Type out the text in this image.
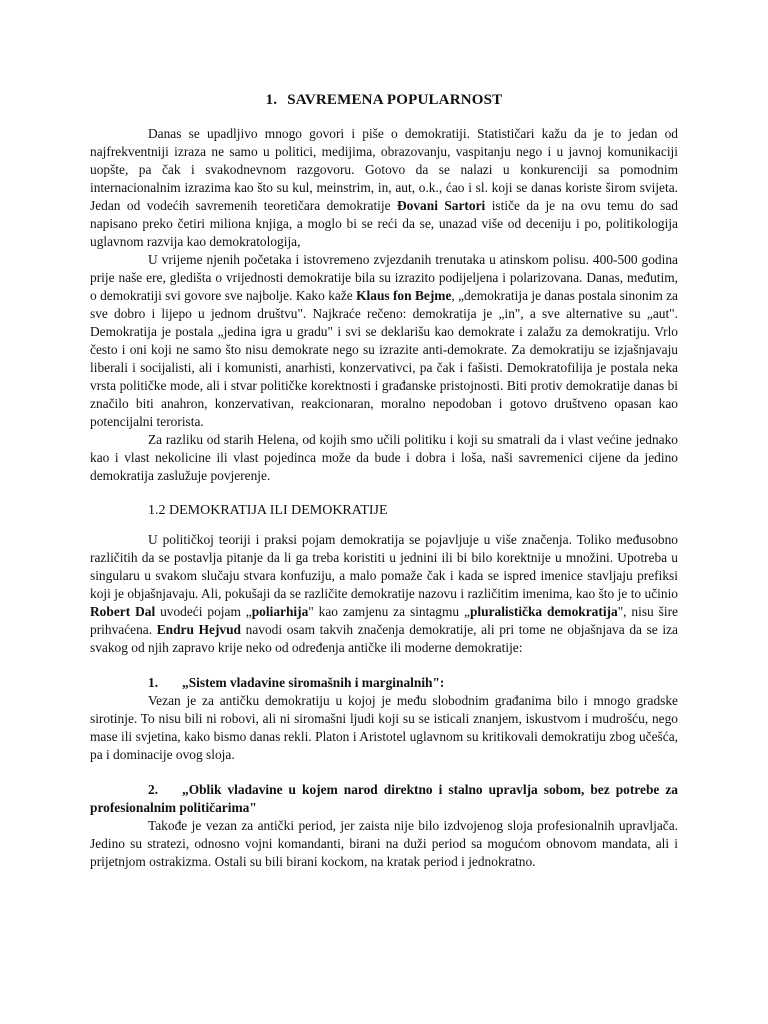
1. SAVREMENA POPULARNOST

Danas se upadljivo mnogo govori i piše o demokratiji. Statističari kažu da je to jedan od najfrekventniji izraza ne samo u politici, medijima, obrazovanju, vaspitanju nego i u javnoj komunikaciji uopšte, pa čak i svakodnevnom razgovoru. Gotovo da se nalazi u konkurenciji sa pomodnim internacionalnim izrazima kao što su kul, meinstrim, in, aut, o.k., ćao i sl. koji se danas koriste širom svijeta. Jedan od vodećih savremenih teoretičara demokratije Đovani Sartori ističe da je na ovu temu do sad napisano preko četiri miliona knjiga, a moglo bi se reći da se, unazad više od deceniju i po, politikologija uglavnom razvija kao demokratologija,

U vrijeme njenih početaka i istovremeno zvjezdanih trenutaka u atinskom polisu. 400-500 godina prije naše ere, gledišta o vrijednosti demokratije bila su izrazito podijeljena i polarizovana. Danas, međutim, o demokratiji svi govore sve najbolje. Kako kaže Klaus fon Bejme, „demokratija je danas postala sinonim za sve dobro i lijepo u jednom društvu". Najkraće rečeno: demokratija je „in", a sve alternative su „aut". Demokratija je postala „jedina igra u gradu" i svi se deklarišu kao demokrate i zalažu za demokratiju. Vrlo često i oni koji ne samo što nisu demokrate nego su izrazite anti-demokrate. Za demokratiju se izjašnjavaju liberali i socijalisti, ali i komunisti, anarhisti, konzervativci, pa čak i fašisti. Demokratofilija je postala neka vrsta političke mode, ali i stvar političke korektnosti i građanske pristojnosti. Biti protiv demokratije danas bi značilo biti anahron, konzervativan, reakcionaran, moralno nepodoban i gotovo društveno opasan kao potencijalni terorista.

Za razliku od starih Helena, od kojih smo učili politiku i koji su smatrali da i vlast većine jednako kao i vlast nekolicine ili vlast pojedinca može da bude i dobra i loša, naši savremenici cijene da jedino demokratija zaslužuje povjerenje.

1.2 DEMOKRATIJA ILI DEMOKRATIJE

U političkoj teoriji i praksi pojam demokratija se pojavljuje u više značenja. Toliko međusobno različitih da se postavlja pitanje da li ga treba koristiti u jednini ili bi bilo korektnije u množini. Upotreba u singularu u svakom slučaju stvara konfuziju, a malo pomaže čak i kada se ispred imenice stavljaju prefiksi koji je objašnjavaju. Ali, pokušaji da se različite demokratije nazovu i različitim imenima, kao što je to učinio Robert Dal uvodeći pojam „poliarhija" kao zamjenu za sintagmu „pluralistička demokratija", nisu šire prihvaćena. Endru Hejvud navodi osam takvih značenja demokratije, ali pri tome ne objašnjava da se iza svakog od njih zapravo krije neko od određenja antičke ili moderne demokratije:

1. „Sistem vladavine siromašnih i marginalnih":

Vezan je za antičku demokratiju u kojoj je među slobodnim građanima bilo i mnogo gradske sirotinje. To nisu bili ni robovi, ali ni siromašni ljudi koji su se isticali znanjem, iskustvom i mudrošću, nego mase ili svjetina, kako bismo danas rekli. Platon i Aristotel uglavnom su kritikovali demokratiju zbog učešća, pa i dominacije ovog sloja.

2. „Oblik vladavine u kojem narod direktno i stalno upravlja sobom, bez potrebe za profesionalnim političarima"

Takođe je vezan za antički period, jer zaista nije bilo izdvojenog sloja profesionalnih upravljača. Jedino su stratezi, odnosno vojni komandanti, birani na duži period sa mogućom obnovom mandata, ali i prijetnjom ostrakizma. Ostali su bili birani kockom, na kratak period i jednokratno.
